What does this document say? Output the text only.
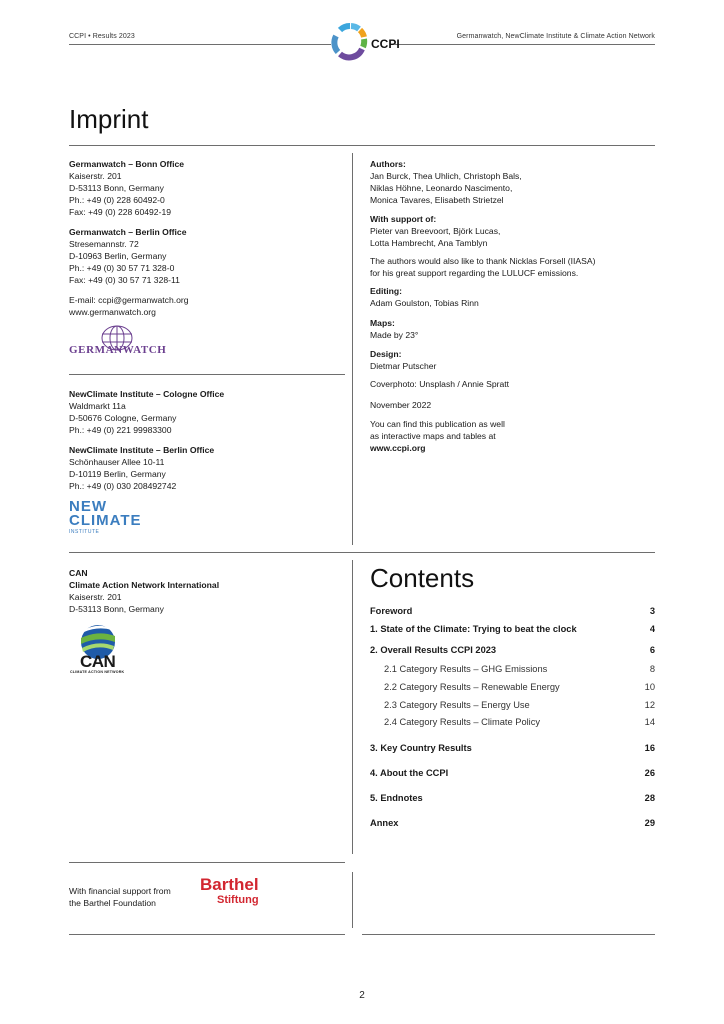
CCPI • Results 2023	Germanwatch, NewClimate Institute & Climate Action Network
CCPI
Imprint
Germanwatch – Bonn Office
Kaiserstr. 201
D-53113 Bonn, Germany
Ph.: +49 (0) 228 60492-0
Fax: +49 (0) 228 60492-19
Germanwatch – Berlin Office
Stresemannstr. 72
D-10963 Berlin, Germany
Ph.: +49 (0) 30 57 71 328-0
Fax: +49 (0) 30 57 71 328-11
E-mail: ccpi@germanwatch.org
www.germanwatch.org
GERMANWATCH
NewClimate Institute – Cologne Office
Waldmarkt 11a
D-50676 Cologne, Germany
Ph.: +49 (0) 221 99983300
NewClimate Institute – Berlin Office
Schönhauser Allee 10-11
D-10119 Berlin, Germany
Ph.: +49 (0) 030 208492742
NEW
CLIMATE
INSTITUTE
CAN
Climate Action Network International
Kaiserstr. 201
D-53113 Bonn, Germany
CAN
CLIMATE ACTION NETWORK
With financial support from
the Barthel Foundation
Barthel
Stiftung
Authors:
Jan Burck, Thea Uhlich, Christoph Bals,
Niklas Höhne, Leonardo Nascimento,
Monica Tavares, Elisabeth Strietzel
With support of:
Pieter van Breevoort, Björk Lucas,
Lotta Hambrecht, Ana Tamblyn
The authors would also like to thank Nicklas Forsell (IIASA)
for his great support regarding the LULUCF emissions.
Editing:
Adam Goulston, Tobias Rinn
Maps:
Made by 23°
Design:
Dietmar Putscher
Coverphoto: Unsplash / Annie Spratt
November 2022
You can find this publication as well
as interactive maps and tables at
www.ccpi.org
Contents
Foreword	3
1. State of the Climate: Trying to beat the clock	4
2. Overall Results CCPI 2023	6
2.1 Category Results – GHG Emissions	8
2.2 Category Results – Renewable Energy	10
2.3 Category Results – Energy Use	12
2.4 Category Results – Climate Policy	14
3. Key Country Results	16
4. About the CCPI	26
5. Endnotes	28
Annex	29
2
